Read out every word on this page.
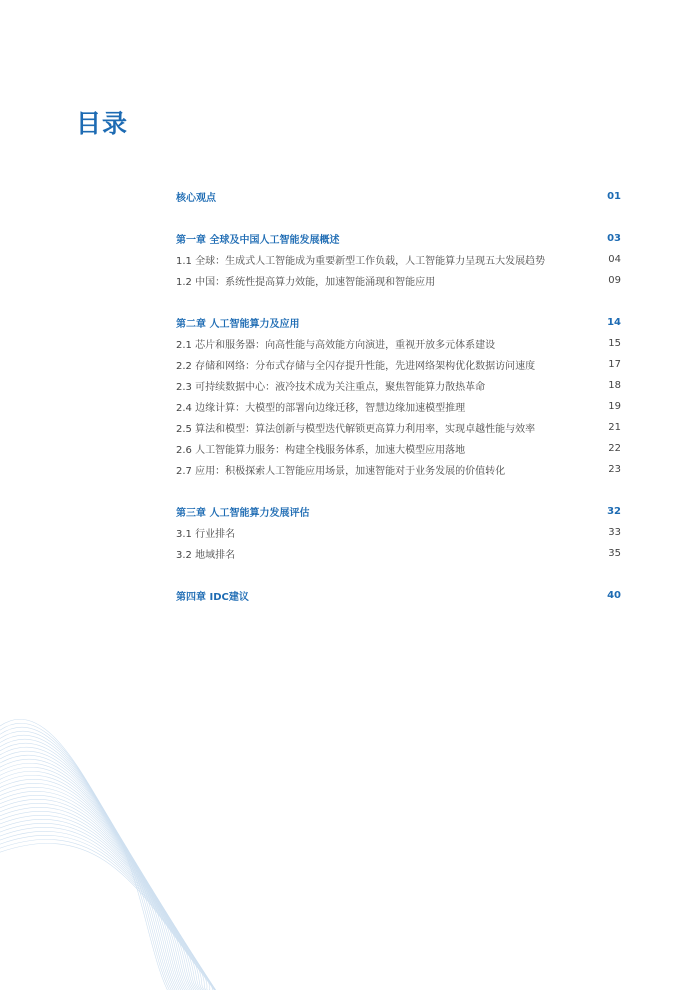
目录
核心观点	01
第一章 全球及中国人工智能发展概述	03
1.1 全球：生成式人工智能成为重要新型工作负载，人工智能算力呈现五大发展趋势	04
1.2 中国：系统性提高算力效能，加速智能涌现和智能应用	09
第二章 人工智能算力及应用	14
2.1 芯片和服务器：向高性能与高效能方向演进，重视开放多元体系建设	15
2.2 存储和网络：分布式存储与全闪存提升性能，先进网络架构优化数据访问速度	17
2.3 可持续数据中心：液冷技术成为关注重点，聚焦智能算力散热革命	18
2.4 边缘计算：大模型的部署向边缘迁移，智慧边缘加速模型推理	19
2.5 算法和模型：算法创新与模型迭代解锁更高算力利用率，实现卓越性能与效率	21
2.6 人工智能算力服务：构建全栈服务体系，加速大模型应用落地	22
2.7 应用：积极探索人工智能应用场景，加速智能对于业务发展的价值转化	23
第三章 人工智能算力发展评估	32
3.1 行业排名	33
3.2 地域排名	35
第四章 IDC建议	40
